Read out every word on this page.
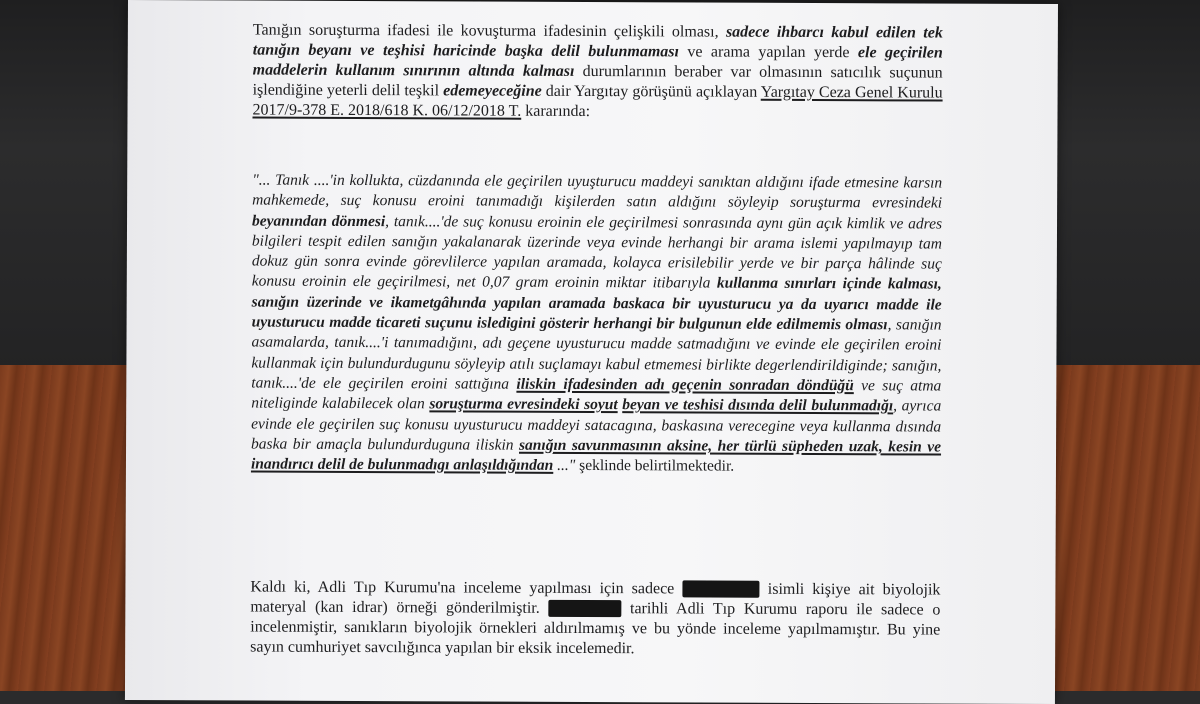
Tanığın soruşturma ifadesi ile kovuşturma ifadesinin çelişkili olması, sadece ihbarcı kabul edilen tek tanığın beyanı ve teşhisi haricinde başka delil bulunmaması ve arama yapılan yerde ele geçirilen maddelerin kullanım sınırının altında kalması durumlarının beraber var olmasının satıcılık suçunun işlendiğine yeterli delil teşkil edemeyeceğine dair Yargıtay görüşünü açıklayan Yargıtay Ceza Genel Kurulu 2017/9-378 E. 2018/618 K. 06/12/2018 T. kararında:

"... Tanık ....'in kollukta, cüzdanında ele geçirilen uyuşturucu maddeyi sanıktan aldığını ifade etmesine karsın mahkemede, suç konusu eroini tanımadığı kişilerden satın aldığını söyleyip soruşturma evresindeki beyanından dönmesi, tanık....'de suç konusu eroinin ele geçirilmesi sonrasında aynı gün açık kimlik ve adres bilgileri tespit edilen sanığın yakalanarak üzerinde veya evinde herhangi bir arama islemi yapılmayıp tam dokuz gün sonra evinde görevlilerce yapılan aramada, kolayca erisilebilir yerde ve bir parça hâlinde suç konusu eroinin ele geçirilmesi, net 0,07 gram eroinin miktar itibarıyla kullanma sınırları içinde kalması, sanığın üzerinde ve ikametgâhında yapılan aramada baskaca bir uyusturucu ya da uyarıcı madde ile uyusturucu madde ticareti suçunu isledigini gösterir herhangi bir bulgunun elde edilmemis olması, sanığın asamalarda, tanık....'i tanımadığını, adı geçene uyusturucu madde satmadığını ve evinde ele geçirilen eroini kullanmak için bulundurdugunu söyleyip atılı suçlamayı kabul etmemesi birlikte degerlendirildiginde; sanığın, tanık....'de ele geçirilen eroini sattığına iliskin ifadesinden adı geçenin sonradan döndüğü ve suç atma niteliginde kalabilecek olan soruşturma evresindeki soyut beyan ve teshisi dısında delil bulunmadığı, ayrıca evinde ele geçirilen suç konusu uyusturucu maddeyi satacagına, baskasına verecegine veya kullanma dısında baska bir amaçla bulundurduguna iliskin sanığın savunmasının aksine, her türlü süpheden uzak, kesin ve inandırıcı delil de bulunmadıgı anlaşıldığından ..." şeklinde belirtilmektedir.

Kaldı ki, Adli Tıp Kurumu'na inceleme yapılması için sadece	isimli kişiye ait biyolojik materyal (kan idrar) örneği gönderilmiştir.	tarihli Adli Tıp Kurumu raporu ile sadece o incelenmiştir, sanıkların biyolojik örnekleri aldırılmamış ve bu yönde inceleme yapılmamıştır. Bu yine sayın cumhuriyet savcılığınca yapılan bir eksik incelemedir.
